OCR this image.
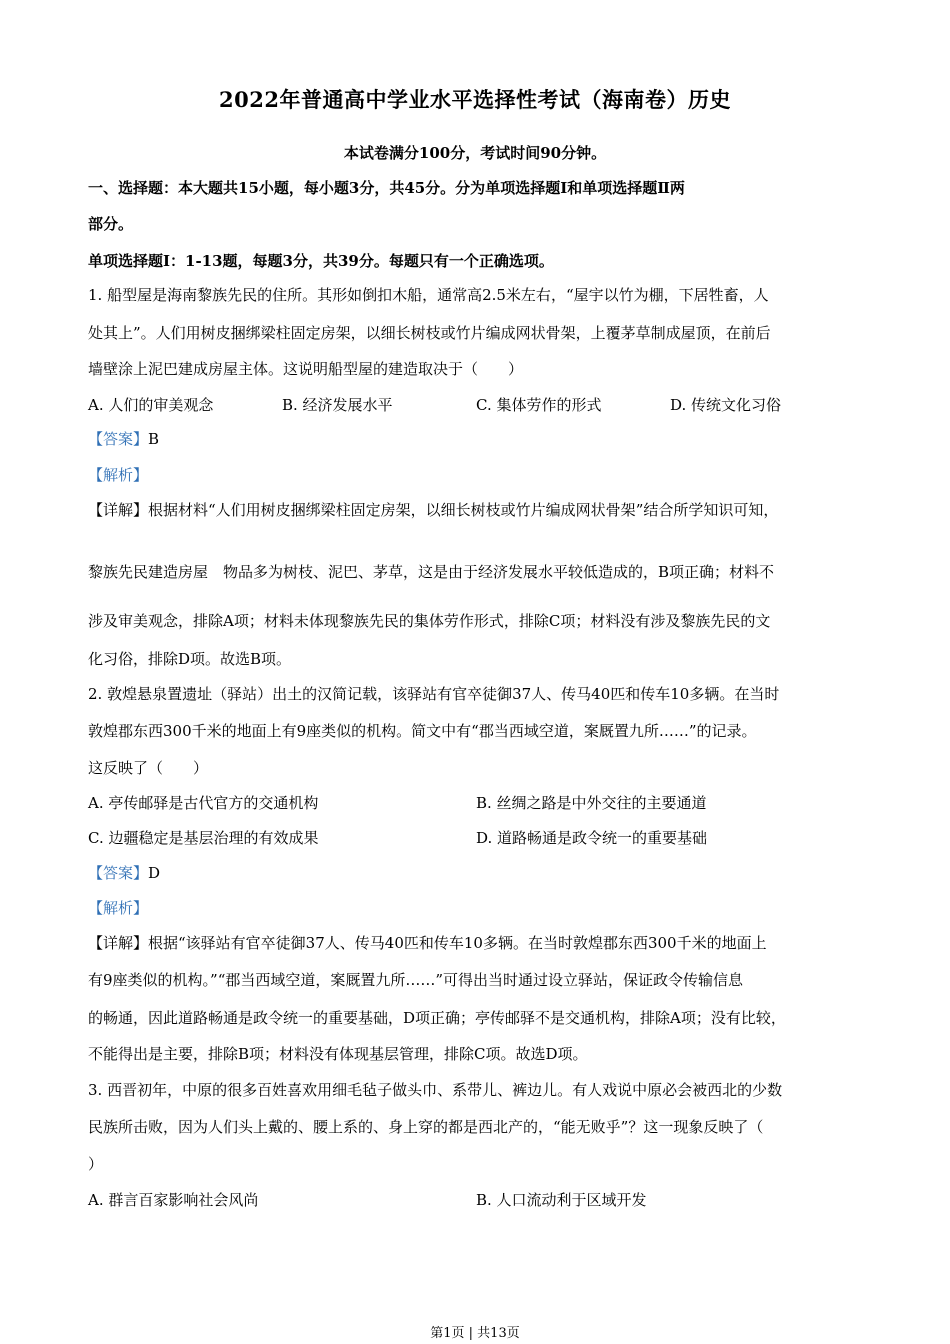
2022年普通高中学业水平选择性考试（海南卷）历史
本试卷满分100分，考试时间90分钟。
一、选择题：本大题共15小题，每小题3分，共45分。分为单项选择题Ⅰ和单项选择题Ⅱ两
部分。
单项选择题Ⅰ：1-13题，每题3分，共39分。每题只有一个正确选项。
1. 船型屋是海南黎族先民的住所。其形如倒扣木船，通常高2.5米左右，“屋宇以竹为棚，下居牲畜，人
处其上”。人们用树皮捆绑梁柱固定房架，以细长树枝或竹片编成网状骨架，上覆茅草制成屋顶，在前后
墙壁涂上泥巴建成房屋主体。这说明船型屋的建造取决于（　　）
A. 人们的审美观念	B. 经济发展水平	C. 集体劳作的形式	D. 传统文化习俗
【答案】B
【解析】
【详解】根据材料“人们用树皮捆绑梁柱固定房架，以细长树枝或竹片编成网状骨架”结合所学知识可知，
黎族先民建造房屋　物品多为树枝、泥巴、茅草，这是由于经济发展水平较低造成的，B项正确；材料不
涉及审美观念，排除A项；材料未体现黎族先民的集体劳作形式，排除C项；材料没有涉及黎族先民的文
化习俗，排除D项。故选B项。
2. 敦煌悬泉置遗址（驿站）出土的汉简记载，该驿站有官卒徒御37人、传马40匹和传车10多辆。在当时
敦煌郡东西300千米的地面上有9座类似的机构。简文中有“郡当西域空道，案厩置九所……”的记录。
这反映了（　　）
A. 亭传邮驿是古代官方的交通机构	B. 丝绸之路是中外交往的主要通道
C. 边疆稳定是基层治理的有效成果	D. 道路畅通是政令统一的重要基础
【答案】D
【解析】
【详解】根据“该驿站有官卒徒御37人、传马40匹和传车10多辆。在当时敦煌郡东西300千米的地面上
有9座类似的机构。”“郡当西域空道，案厩置九所……”可得出当时通过设立驿站，保证政令传输信息
的畅通，因此道路畅通是政令统一的重要基础，D项正确；亭传邮驿不是交通机构，排除A项；没有比较，
不能得出是主要，排除B项；材料没有体现基层管理，排除C项。故选D项。
3. 西晋初年，中原的很多百姓喜欢用细毛毡子做头巾、系带儿、裤边儿。有人戏说中原必会被西北的少数
民族所击败，因为人们头上戴的、腰上系的、身上穿的都是西北产的，“能无败乎”？这一现象反映了（
）
A. 群言百家影响社会风尚	B. 人口流动利于区域开发
第1页 | 共13页
